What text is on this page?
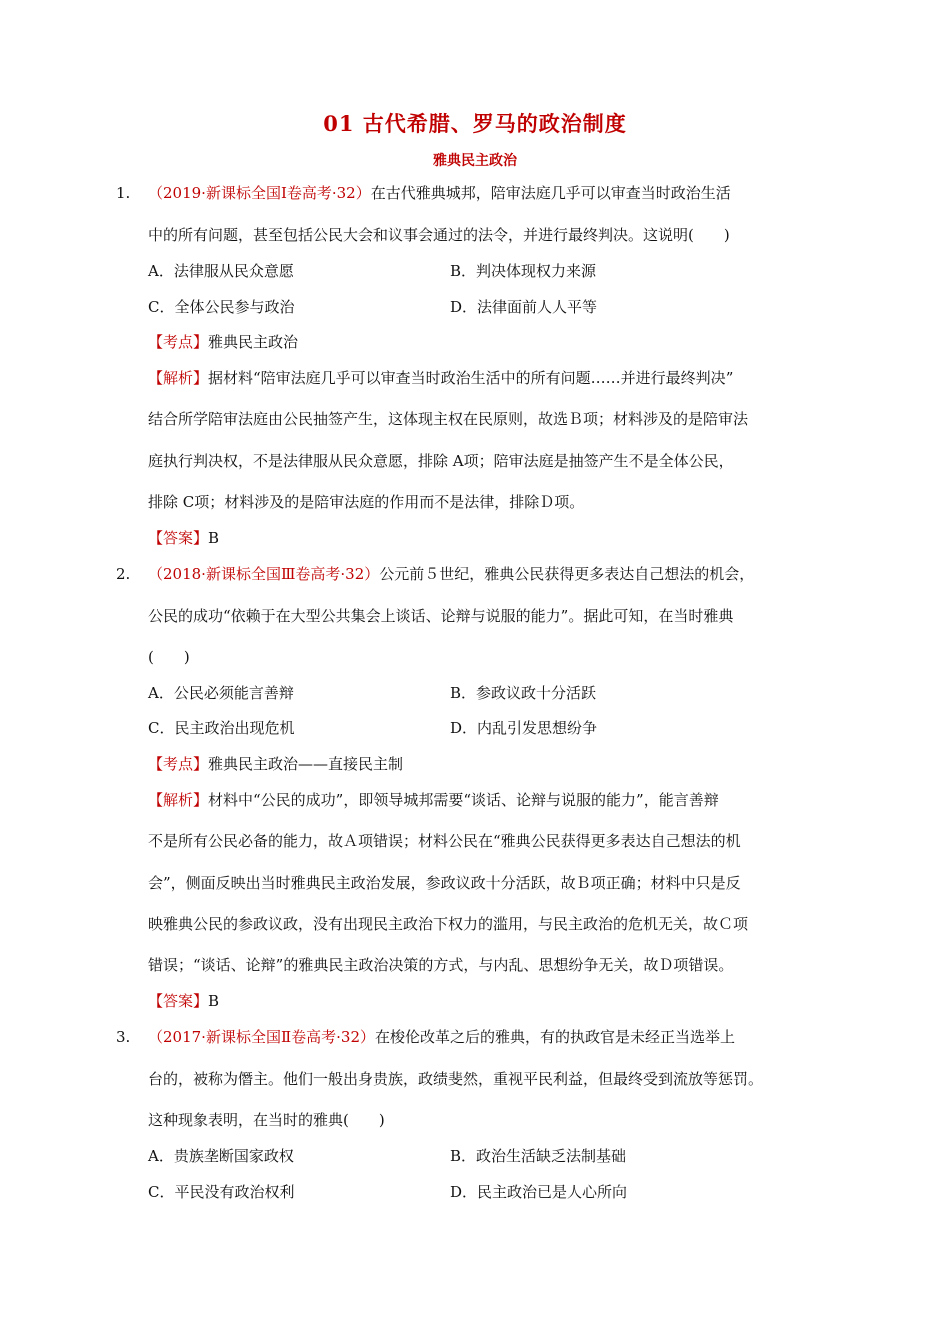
01 古代希腊、罗马的政治制度
雅典民主政治
1. （2019·新课标全国Ⅰ卷高考·32）在古代雅典城邦，陪审法庭几乎可以审查当时政治生活
中的所有问题，甚至包括公民大会和议事会通过的法令，并进行最终判决。这说明(　　)
A．法律服从民众意愿	B．判决体现权力来源
C．全体公民参与政治	D．法律面前人人平等
【考点】雅典民主政治
【解析】据材料“陪审法庭几乎可以审查当时政治生活中的所有问题……并进行最终判决”
结合所学陪审法庭由公民抽签产生，这体现主权在民原则，故选Ｂ项；材料涉及的是陪审法
庭执行判决权，不是法律服从民众意愿，排除 A项；陪审法庭是抽签产生不是全体公民，
排除 C项；材料涉及的是陪审法庭的作用而不是法律，排除Ｄ项。
【答案】B
2. （2018·新课标全国Ⅲ卷高考·32）公元前５世纪，雅典公民获得更多表达自己想法的机会，
公民的成功“依赖于在大型公共集会上谈话、论辩与说服的能力”。据此可知，在当时雅典
(　　)
A．公民必须能言善辩	B．参政议政十分活跃
C．民主政治出现危机	D．内乱引发思想纷争
【考点】雅典民主政治——直接民主制
【解析】材料中“公民的成功”，即领导城邦需要“谈话、论辩与说服的能力”，能言善辩
不是所有公民必备的能力，故Ａ项错误；材料公民在“雅典公民获得更多表达自己想法的机
会”，侧面反映出当时雅典民主政治发展，参政议政十分活跃，故Ｂ项正确；材料中只是反
映雅典公民的参政议政，没有出现民主政治下权力的滥用，与民主政治的危机无关，故Ｃ项
错误；“谈话、论辩”的雅典民主政治决策的方式，与内乱、思想纷争无关，故Ｄ项错误。
【答案】B
3. （2017·新课标全国Ⅱ卷高考·32）在梭伦改革之后的雅典，有的执政官是未经正当选举上
台的，被称为僭主。他们一般出身贵族，政绩斐然，重视平民利益，但最终受到流放等惩罚。
这种现象表明，在当时的雅典(　　)
A．贵族垄断国家政权	B．政治生活缺乏法制基础
C．平民没有政治权利	D．民主政治已是人心所向
